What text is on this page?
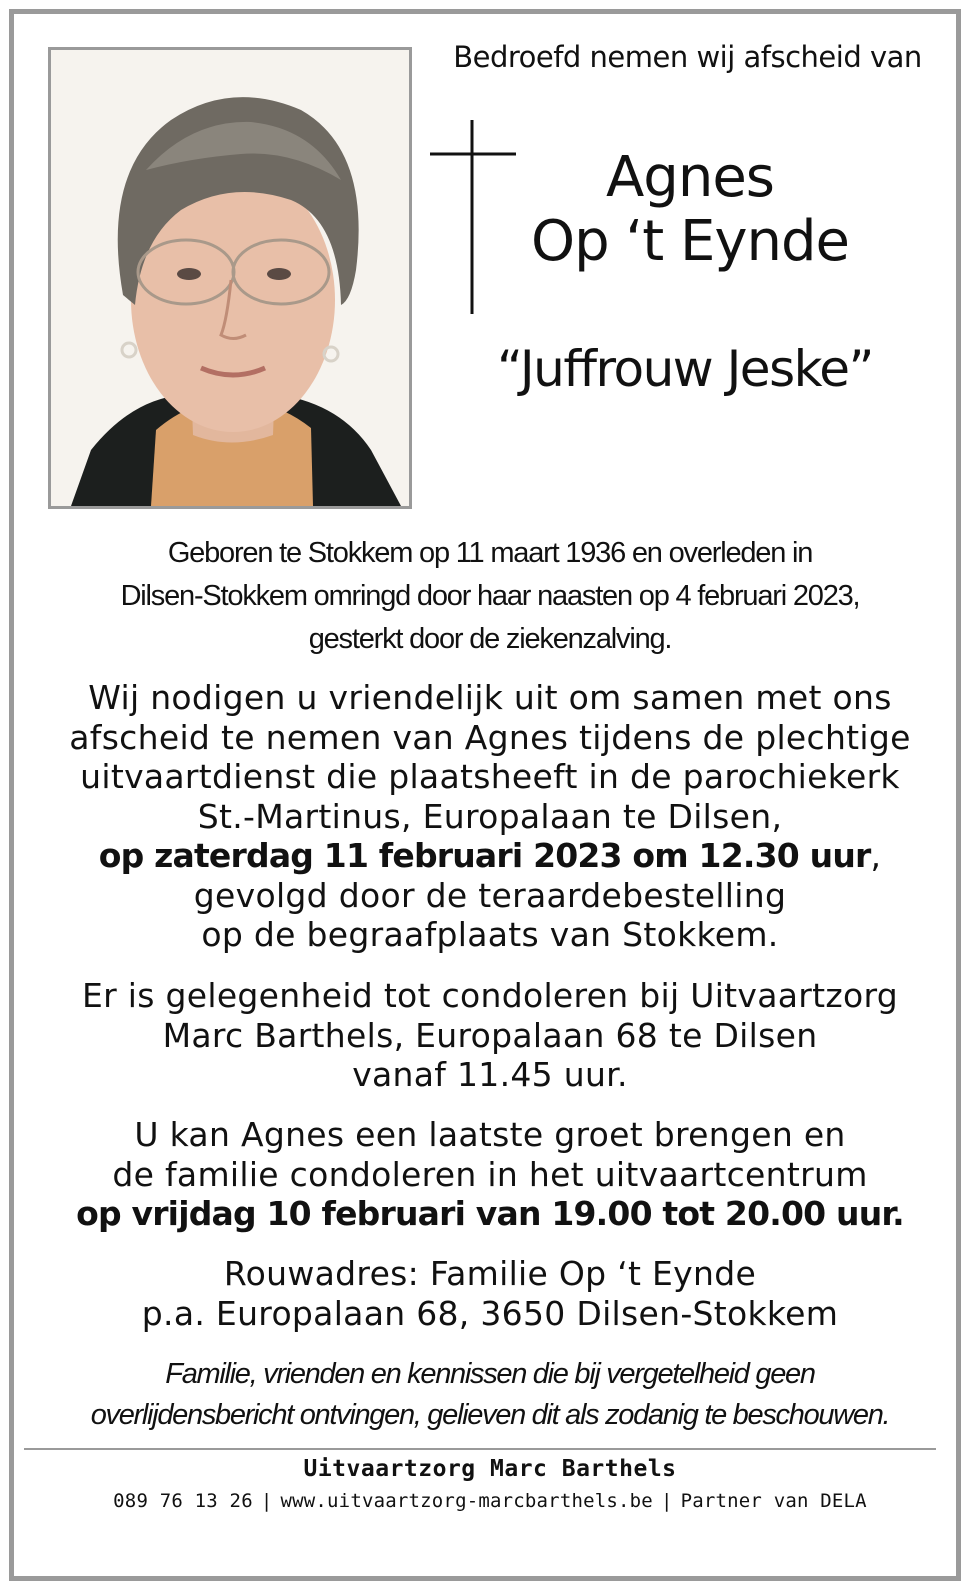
Bedroefd nemen wij afscheid van
Agnes
Op ‘t Eynde
“Juffrouw Jeske”
Geboren te Stokkem op 11 maart 1936 en overleden in
Dilsen-Stokkem omringd door haar naasten op 4 februari 2023,
gesterkt door de ziekenzalving.
Wij nodigen u vriendelijk uit om samen met ons
afscheid te nemen van Agnes tijdens de plechtige
uitvaartdienst die plaatsheeft in de parochiekerk
St.-Martinus, Europalaan te Dilsen,
op zaterdag 11 februari 2023 om 12.30 uur,
gevolgd door de teraardebestelling
op de begraafplaats van Stokkem.
Er is gelegenheid tot condoleren bij Uitvaartzorg
Marc Barthels, Europalaan 68 te Dilsen
vanaf 11.45 uur.
U kan Agnes een laatste groet brengen en
de familie condoleren in het uitvaartcentrum
op vrijdag 10 februari van 19.00 tot 20.00 uur.
Rouwadres: Familie Op ‘t Eynde
p.a. Europalaan 68, 3650 Dilsen-Stokkem
Familie, vrienden en kennissen die bij vergetelheid geen
overlijdensbericht ontvingen, gelieven dit als zodanig te beschouwen.
Uitvaartzorg Marc Barthels
089 76 13 26 | www.uitvaartzorg-marcbarthels.be | Partner van DELA
